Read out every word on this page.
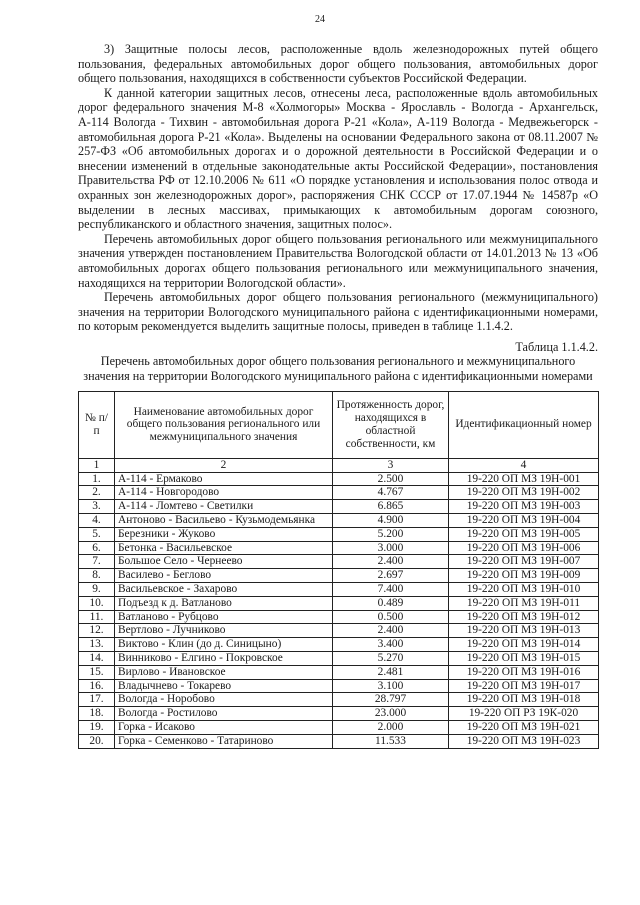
24

3) Защитные полосы лесов, расположенные вдоль железнодорожных путей общего пользования, федеральных автомобильных дорог общего пользования, автомобильных дорог общего пользования, находящихся в собственности субъектов Российской Федерации.

К данной категории защитных лесов, отнесены леса, расположенные вдоль автомобильных дорог федерального значения М-8 «Холмогоры» Москва - Ярославль - Вологда - Архангельск, А-114 Вологда - Тихвин - автомобильная дорога Р-21 «Кола», А-119 Вологда - Медвежьегорск - автомобильная дорога Р-21 «Кола». Выделены на основании Федерального закона от 08.11.2007 № 257-ФЗ «Об автомобильных дорогах и о дорожной деятельности в Российской Федерации и о внесении изменений в отдельные законодательные акты Российской Федерации», постановления Правительства РФ от 12.10.2006 № 611 «О порядке установления и использования полос отвода и охранных зон железнодорожных дорог», распоряжения СНК СССР от 17.07.1944 № 14587р «О выделении в лесных массивах, примыкающих к автомобильным дорогам союзного, республиканского и областного значения, защитных полос».

Перечень автомобильных дорог общего пользования регионального или межмуниципального значения утвержден постановлением Правительства Вологодской области от 14.01.2013 № 13 «Об автомобильных дорогах общего пользования регионального или межмуниципального значения, находящихся на территории Вологодской области».

Перечень автомобильных дорог общего пользования регионального (межмуниципального) значения на территории Вологодского муниципального района с идентификационными номерами, по которым рекомендуется выделить защитные полосы, приведен в таблице 1.1.4.2.

Таблица 1.1.4.2.

Перечень автомобильных дорог общего пользования регионального и межмуниципального значения на территории Вологодского муниципального района с идентификационными номерами

№ п/п	Наименование автомобильных дорог общего пользования регионального или межмуниципального значения	Протяженность дорог, находящихся в областной собственности, км	Идентификационный номер
1	2	3	4
1.	А-114 - Ермаково	2.500	19-220 ОП МЗ 19Н-001
2.	А-114 - Новгородово	4.767	19-220 ОП МЗ 19Н-002
3.	А-114 - Ломтево - Светилки	6.865	19-220 ОП МЗ 19Н-003
4.	Антоново - Васильево - Кузьмодемьянка	4.900	19-220 ОП МЗ 19Н-004
5.	Березники - Жуково	5.200	19-220 ОП МЗ 19Н-005
6.	Бетонка - Васильевское	3.000	19-220 ОП МЗ 19Н-006
7.	Большое Село - Чернеево	2.400	19-220 ОП МЗ 19Н-007
8.	Василево - Беглово	2.697	19-220 ОП МЗ 19Н-009
9.	Васильевское - Захарово	7.400	19-220 ОП МЗ 19Н-010
10.	Подъезд к д. Ватланово	0.489	19-220 ОП МЗ 19Н-011
11.	Ватланово - Рубцово	0.500	19-220 ОП МЗ 19Н-012
12.	Вертлово - Лучниково	2.400	19-220 ОП МЗ 19Н-013
13.	Виктово - Клин (до д. Синицыно)	3.400	19-220 ОП МЗ 19Н-014
14.	Винниково - Елгино - Покровское	5.270	19-220 ОП МЗ 19Н-015
15.	Вирлово - Ивановское	2.481	19-220 ОП МЗ 19Н-016
16.	Владычнево - Токарево	3.100	19-220 ОП МЗ 19Н-017
17.	Вологда - Норобово	28.797	19-220 ОП МЗ 19Н-018
18.	Вологда - Ростилово	23.000	19-220 ОП РЗ 19К-020
19.	Горка - Исаково	2.000	19-220 ОП МЗ 19Н-021
20.	Горка - Семенково - Татариново	11.533	19-220 ОП МЗ 19Н-023
